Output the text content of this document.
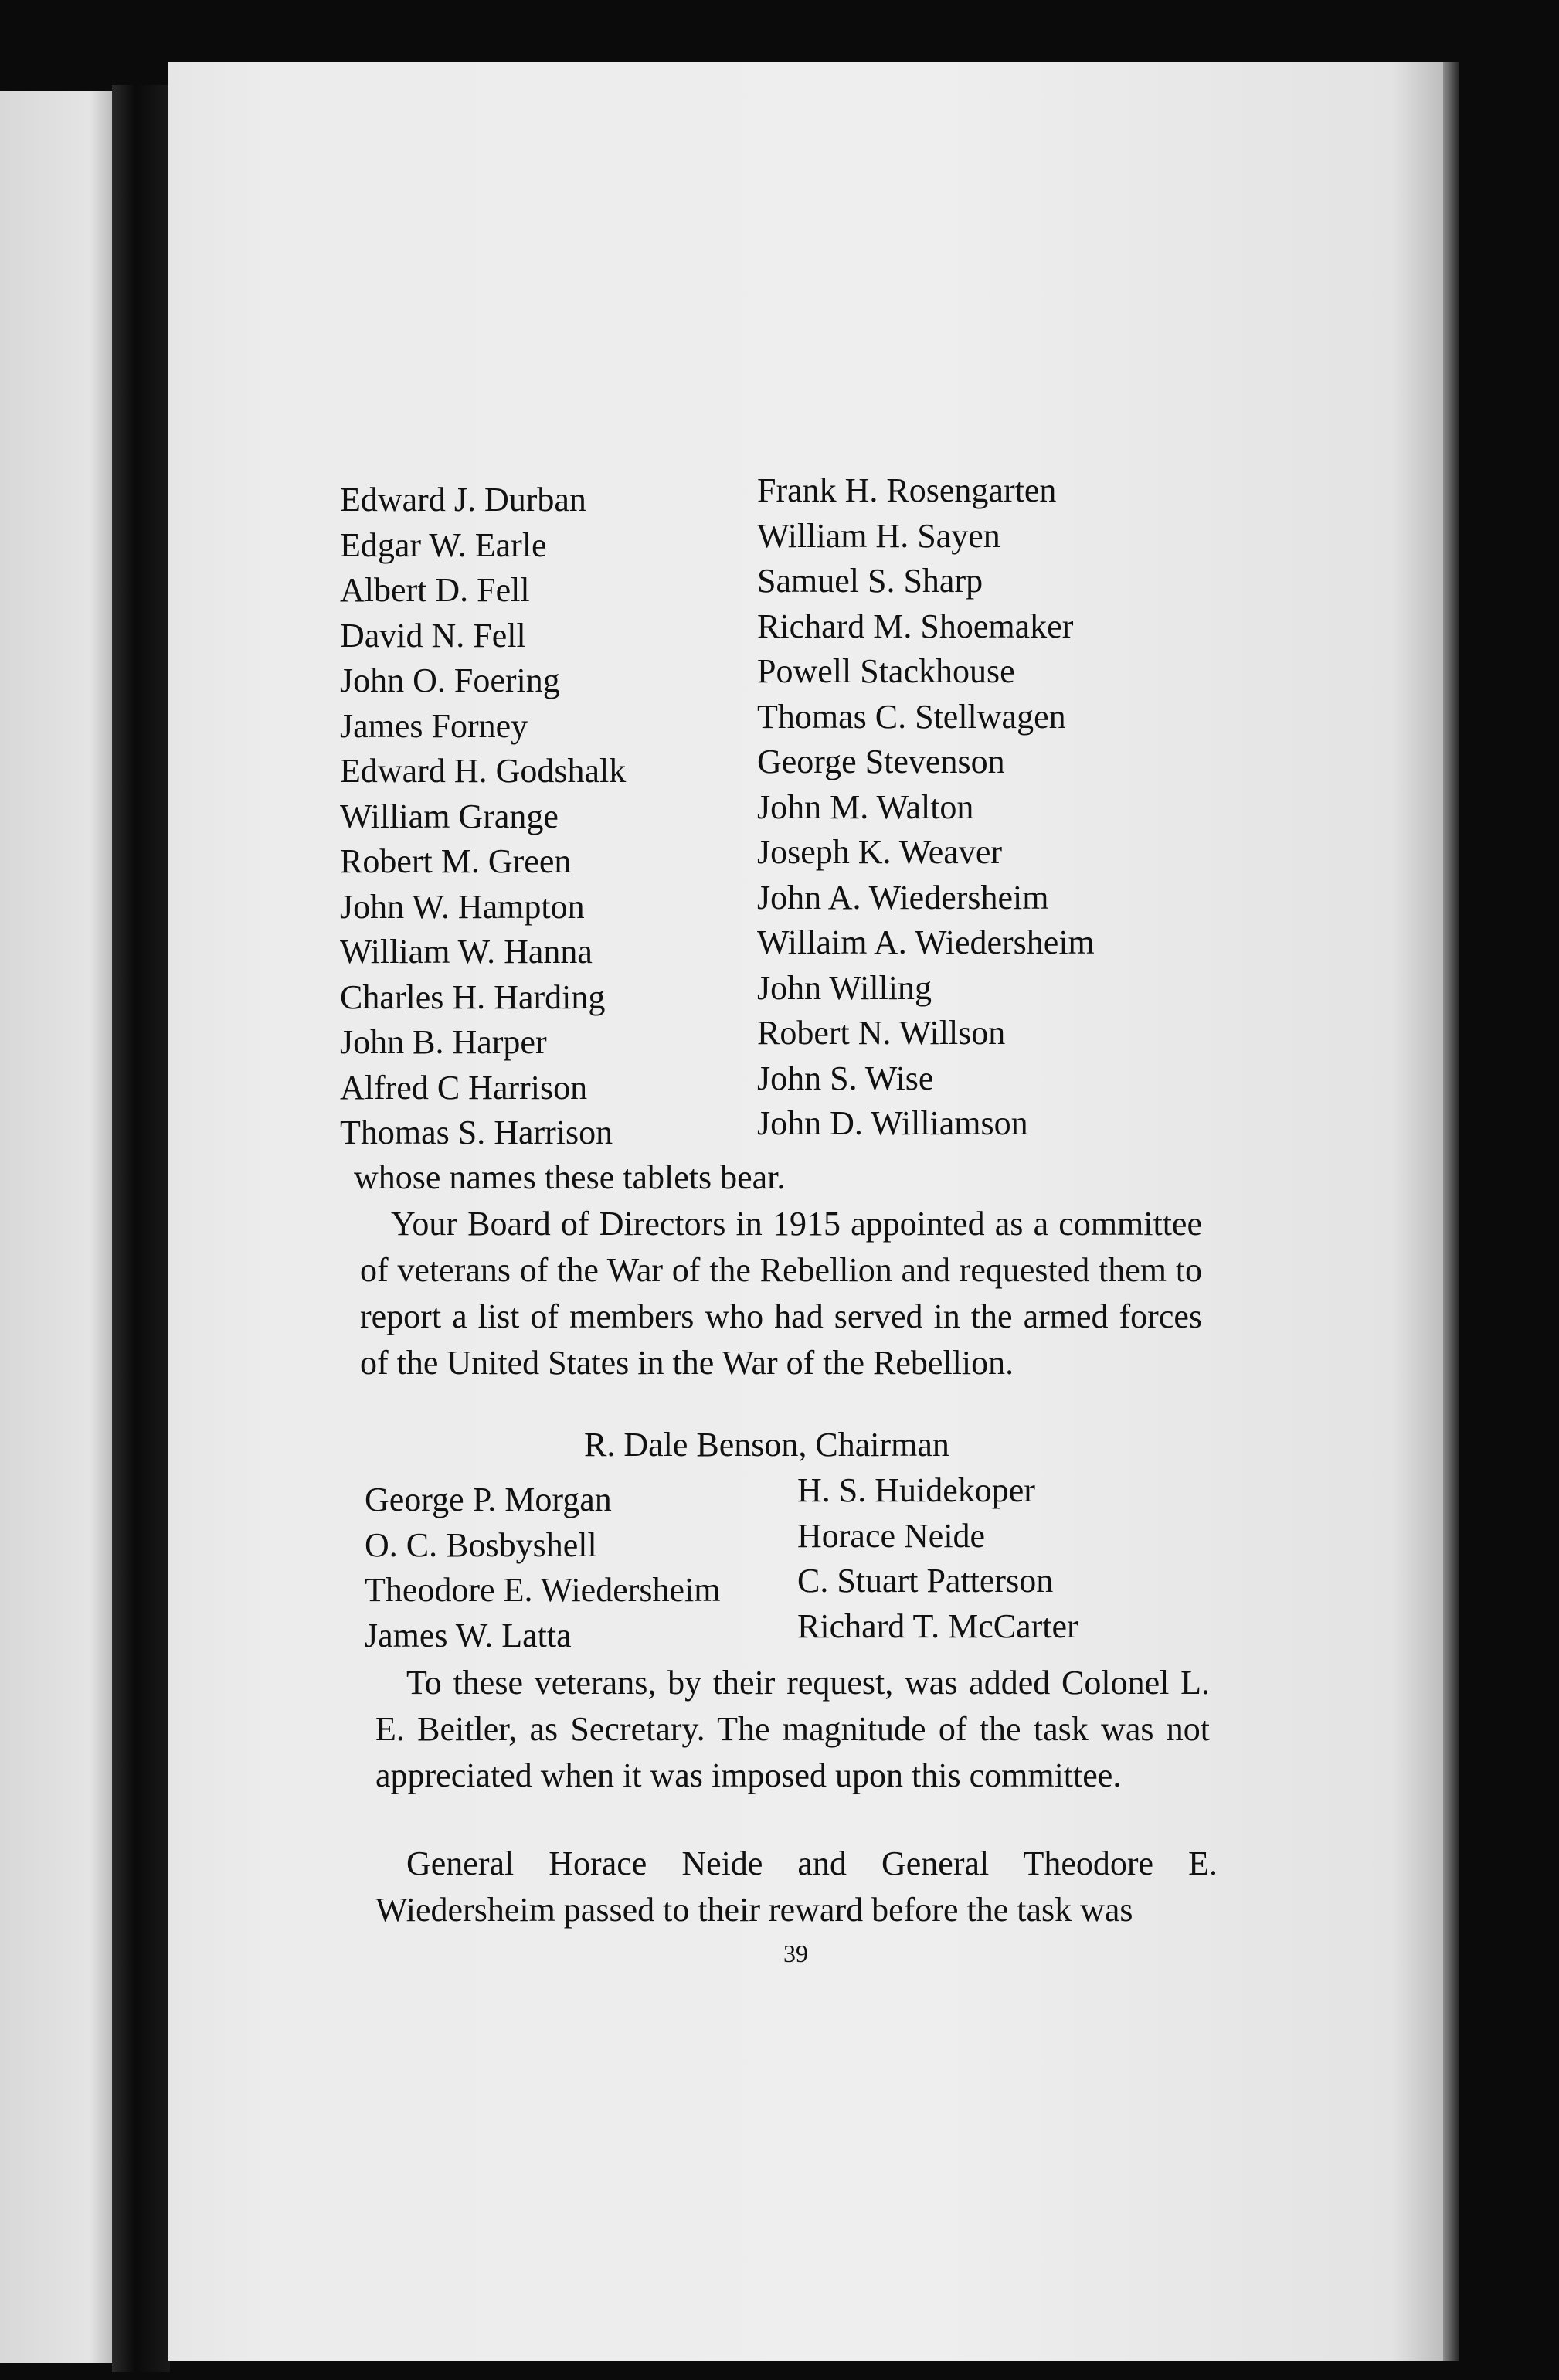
Edward J. Durban
Edgar W. Earle
Albert D. Fell
David N. Fell
John O. Foering
James Forney
Edward H. Godshalk
William Grange
Robert M. Green
John W. Hampton
William W. Hanna
Charles H. Harding
John B. Harper
Alfred C Harrison
Thomas S. Harrison
Frank H. Rosengarten
William H. Sayen
Samuel S. Sharp
Richard M. Shoemaker
Powell Stackhouse
Thomas C. Stellwagen
George Stevenson
John M. Walton
Joseph K. Weaver
John A. Wiedersheim
Willaim A. Wiedersheim
John Willing
Robert N. Willson
John S. Wise
John D. Williamson
whose names these tablets bear.
Your Board of Directors in 1915 appointed as a committee of veterans of the War of the Rebellion and requested them to report a list of members who had served in the armed forces of the United States in the War of the Rebellion.
R. Dale Benson, Chairman
George P. Morgan
O. C. Bosbyshell
Theodore E. Wiedersheim
James W. Latta
H. S. Huidekoper
Horace Neide
C. Stuart Patterson
Richard T. McCarter
To these veterans, by their request, was added Colonel L. E. Beitler, as Secretary. The magnitude of the task was not appreciated when it was imposed upon this committee.
General Horace Neide and General Theodore E. Wiedersheim passed to their reward before the task was
39
